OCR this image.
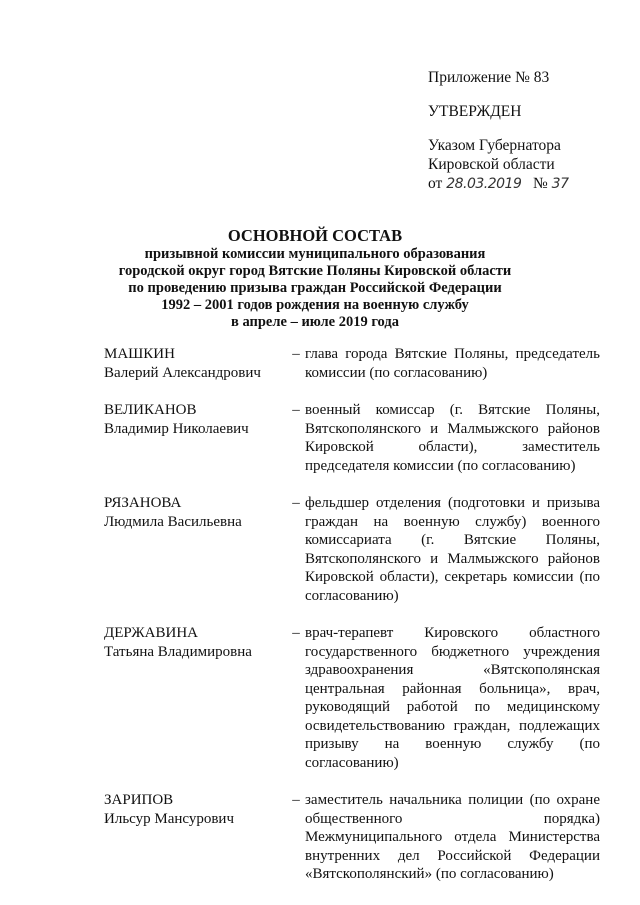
Приложение № 83
УТВЕРЖДЕН
Указом Губернатора
Кировской области
от 28.03.2019 № 37
ОСНОВНОЙ СОСТАВ
призывной комиссии муниципального образования
городской округ город Вятские Поляны Кировской области
по проведению призыва граждан Российской Федерации
1992 – 2001 годов рождения на военную службу
в апреле – июле 2019 года
МАШКИН
Валерий Александрович
– глава города Вятские Поляны, председатель комиссии (по согласованию)
ВЕЛИКАНОВ
Владимир Николаевич
– военный комиссар (г. Вятские Поляны, Вятскополянского и Малмыжского районов Кировской области), заместитель председателя комиссии (по согласованию)
РЯЗАНОВА
Людмила Васильевна
– фельдшер отделения (подготовки и призыва граждан на военную службу) военного комиссариата (г. Вятские Поляны, Вятскополянского и Малмыжского районов Кировской области), секретарь комиссии (по согласованию)
ДЕРЖАВИНА
Татьяна Владимировна
– врач-терапевт Кировского областного государственного бюджетного учреждения здравоохранения «Вятскополянская центральная районная больница», врач, руководящий работой по медицинскому освидетельствованию граждан, подлежащих призыву на военную службу (по согласованию)
ЗАРИПОВ
Ильсур Мансурович
– заместитель начальника полиции (по охране общественного порядка) Межмуниципального отдела Министерства внутренних дел Российской Федерации «Вятскополянский» (по согласованию)
